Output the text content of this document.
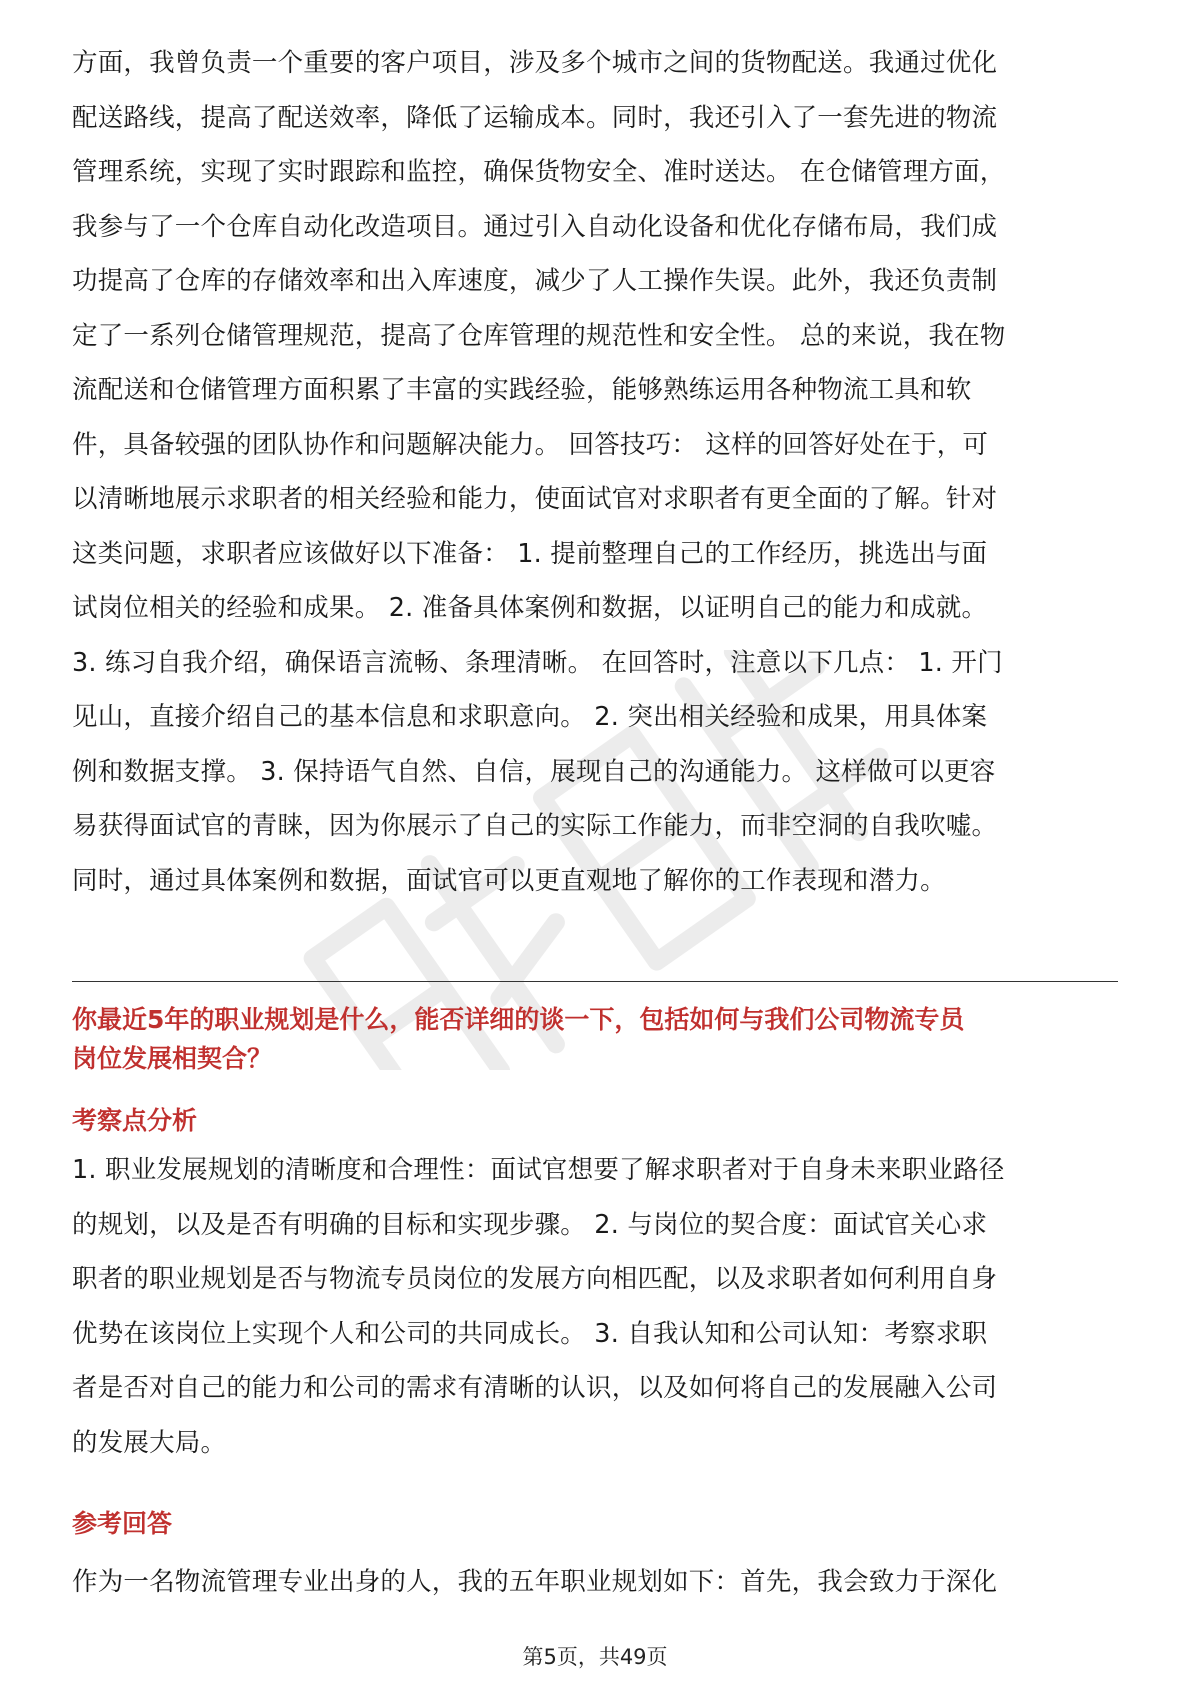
方面，我曾负责一个重要的客户项目，涉及多个城市之间的货物配送。我通过优化
配送路线，提高了配送效率，降低了运输成本。同时，我还引入了一套先进的物流
管理系统，实现了实时跟踪和监控，确保货物安全、准时送达。 在仓储管理方面，
我参与了一个仓库自动化改造项目。通过引入自动化设备和优化存储布局，我们成
功提高了仓库的存储效率和出入库速度，减少了人工操作失误。此外，我还负责制
定了一系列仓储管理规范，提高了仓库管理的规范性和安全性。 总的来说，我在物
流配送和仓储管理方面积累了丰富的实践经验，能够熟练运用各种物流工具和软
件，具备较强的团队协作和问题解决能力。 回答技巧： 这样的回答好处在于，可
以清晰地展示求职者的相关经验和能力，使面试官对求职者有更全面的了解。针对
这类问题，求职者应该做好以下准备： 1. 提前整理自己的工作经历，挑选出与面
试岗位相关的经验和成果。 2. 准备具体案例和数据，以证明自己的能力和成就。
3. 练习自我介绍，确保语言流畅、条理清晰。 在回答时，注意以下几点： 1. 开门
见山，直接介绍自己的基本信息和求职意向。 2. 突出相关经验和成果，用具体案
例和数据支撑。 3. 保持语气自然、自信，展现自己的沟通能力。 这样做可以更容
易获得面试官的青睐，因为你展示了自己的实际工作能力，而非空洞的自我吹嘘。
同时，通过具体案例和数据，面试官可以更直观地了解你的工作表现和潜力。
你最近5年的职业规划是什么，能否详细的谈一下，包括如何与我们公司物流专员
岗位发展相契合？
考察点分析
1. 职业发展规划的清晰度和合理性：面试官想要了解求职者对于自身未来职业路径
的规划，以及是否有明确的目标和实现步骤。 2. 与岗位的契合度：面试官关心求
职者的职业规划是否与物流专员岗位的发展方向相匹配，以及求职者如何利用自身
优势在该岗位上实现个人和公司的共同成长。 3. 自我认知和公司认知：考察求职
者是否对自己的能力和公司的需求有清晰的认识，以及如何将自己的发展融入公司
的发展大局。
参考回答
作为一名物流管理专业出身的人，我的五年职业规划如下：首先，我会致力于深化
第5页，共49页
